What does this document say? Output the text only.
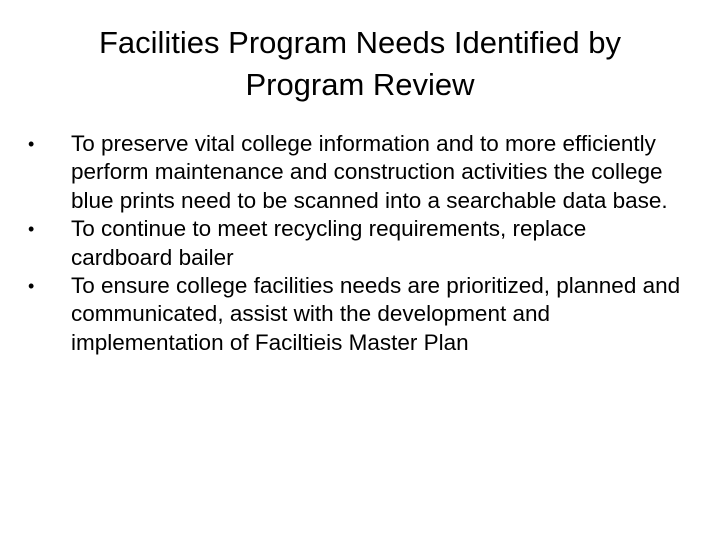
Facilities Program Needs Identified by Program Review
•	To preserve vital college information and to more efficiently perform maintenance and construction activities the college blue prints need to be scanned into a searchable data base.
•	To continue to meet recycling requirements, replace cardboard bailer
•	To ensure college facilities needs are prioritized, planned and communicated, assist with the development and implementation of Faciltieis Master Plan
